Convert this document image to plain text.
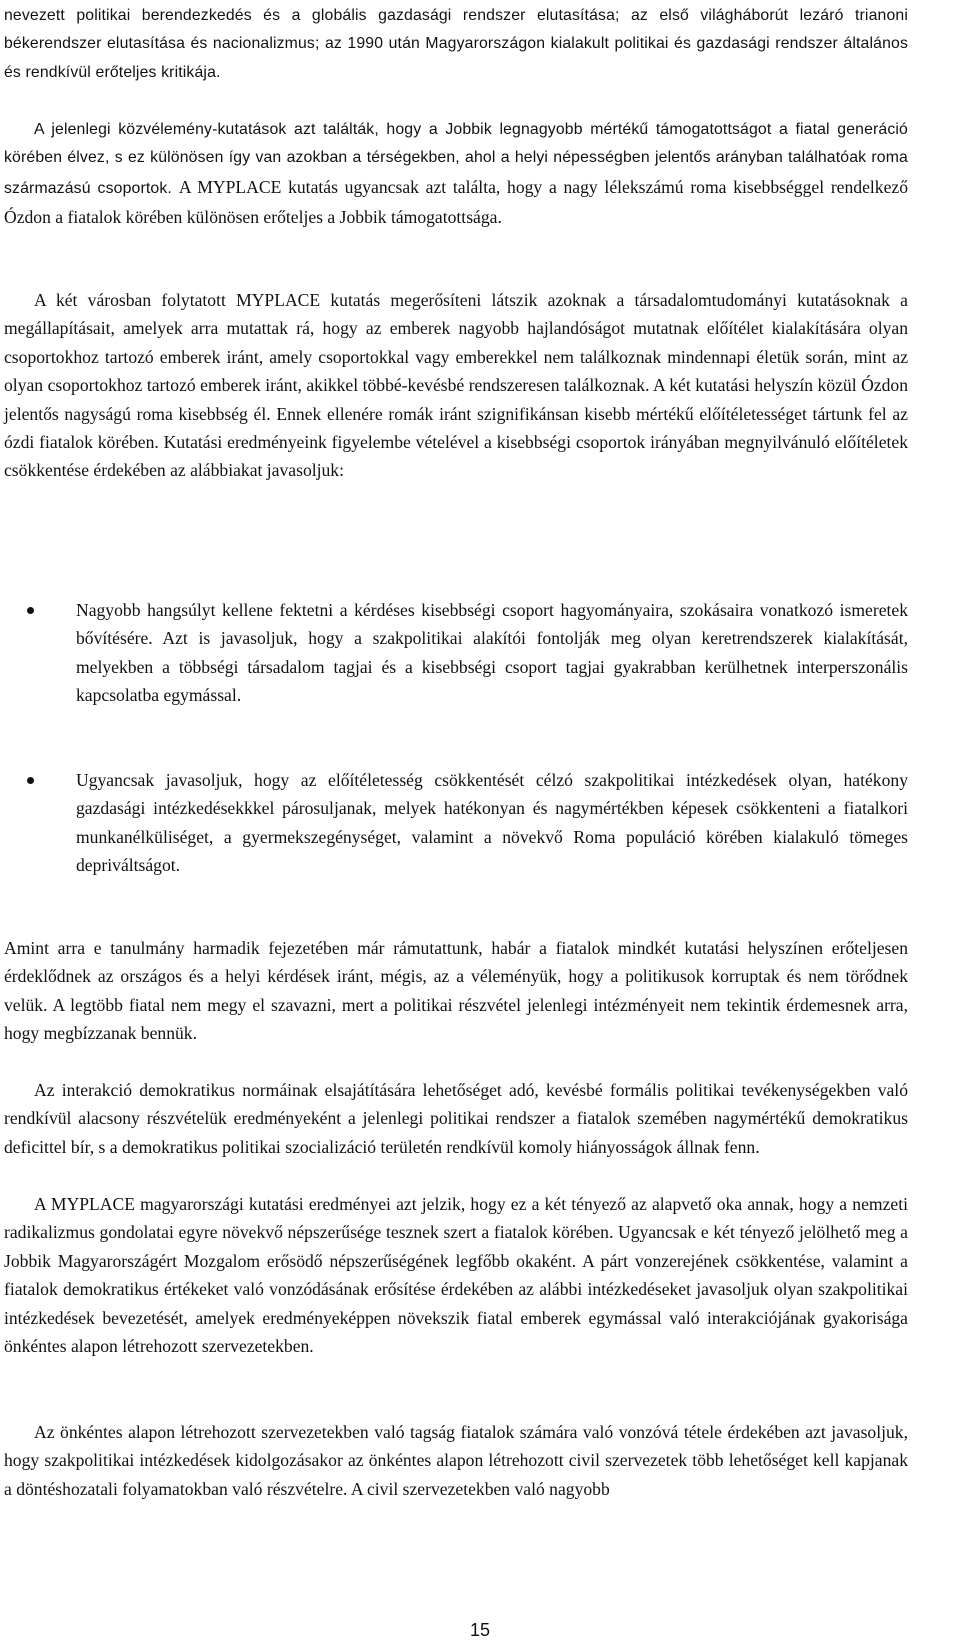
nevezett politikai berendezkedés és a globális gazdasági rendszer elutasítása; az első világháborút lezáró trianoni békerendszer elutasítása és nacionalizmus; az 1990 után Magyarországon kialakult politikai és gazdasági rendszer általános és rendkívül erőteljes kritikája.

A jelenlegi közvélemény-kutatások azt találták, hogy a Jobbik legnagyobb mértékű támogatottságot a fiatal generáció körében élvez, s ez különösen így van azokban a térségekben, ahol a helyi népességben jelentős arányban találhatóak roma származású csoportok. A MYPLACE kutatás ugyancsak azt találta, hogy a nagy lélekszámú roma kisebbséggel rendelkező Ózdon a fiatalok körében különösen erőteljes a Jobbik támogatottsága.

A két városban folytatott MYPLACE kutatás megerősíteni látszik azoknak a társadalomtudományi kutatásoknak a megállapításait, amelyek arra mutattak rá, hogy az emberek nagyobb hajlandóságot mutatnak előítélet kialakítására olyan csoportokhoz tartozó emberek iránt, amely csoportokkal vagy emberekkel nem találkoznak mindennapi életük során, mint az olyan csoportokhoz tartozó emberek iránt, akikkel többé-kevésbé rendszeresen találkoznak. A két kutatási helyszín közül Ózdon jelentős nagyságú roma kisebbség él. Ennek ellenére romák iránt szignifikánsan kisebb mértékű előítéletességet tártunk fel az ózdi fiatalok körében. Kutatási eredményeink figyelembe vételével a kisebbségi csoportok irányában megnyilvánuló előítéletek csökkentése érdekében az alábbiakat javasoljuk:

Nagyobb hangsúlyt kellene fektetni a kérdéses kisebbségi csoport hagyományaira, szokásaira vonatkozó ismeretek bővítésére. Azt is javasoljuk, hogy a szakpolitikai alakítói fontolják meg olyan keretrendszerek kialakítását, melyekben a többségi társadalom tagjai és a kisebbségi csoport tagjai gyakrabban kerülhetnek interperszonális kapcsolatba egymással.
Ugyancsak javasoljuk, hogy az előítéletesség csökkentését célzó szakpolitikai intézkedések olyan, hatékony gazdasági intézkedésekkkel párosuljanak, melyek hatékonyan és nagymértékben képesek csökkenteni a fiatalkori munkanélküliséget, a gyermekszegénységet, valamint a növekvő Roma populáció körében kialakuló tömeges depriváltságot.

Amint arra e tanulmány harmadik fejezetében már rámutattunk, habár a fiatalok mindkét kutatási helyszínen erőteljesen érdeklődnek az országos és a helyi kérdések iránt, mégis, az a véleményük, hogy a politikusok korruptak és nem törődnek velük. A legtöbb fiatal nem megy el szavazni, mert a politikai részvétel jelenlegi intézményeit nem tekintik érdemesnek arra, hogy megbízzanak bennük.

Az interakció demokratikus normáinak elsajátítására lehetőséget adó, kevésbé formális politikai tevékenységekben való rendkívül alacsony részvételük eredményeként a jelenlegi politikai rendszer a fiatalok szemében nagymértékű demokratikus deficittel bír, s a demokratikus politikai szocializáció területén rendkívül komoly hiányosságok állnak fenn.

A MYPLACE magyarországi kutatási eredményei azt jelzik, hogy ez a két tényező az alapvető oka annak, hogy a nemzeti radikalizmus gondolatai egyre növekvő népszerűsége tesznek szert a fiatalok körében. Ugyancsak e két tényező jelölhető meg a Jobbik Magyarországért Mozgalom erősödő népszerűségének legfőbb okaként. A párt vonzerejének csökkentése, valamint a fiatalok demokratikus értékeket való vonzódásának erősítése érdekében az alábbi intézkedéseket javasoljuk olyan szakpolitikai intézkedések bevezetését, amelyek eredményeképpen növekszik fiatal emberek egymással való interakciójának gyakorisága önkéntes alapon létrehozott szervezetekben.

Az önkéntes alapon létrehozott szervezetekben való tagság fiatalok számára való vonzóvá tétele érdekében azt javasoljuk, hogy szakpolitikai intézkedések kidolgozásakor az önkéntes alapon létrehozott civil szervezetek több lehetőséget kell kapjanak a döntéshozatali folyamatokban való részvételre. A civil szervezetekben való nagyobb

15
